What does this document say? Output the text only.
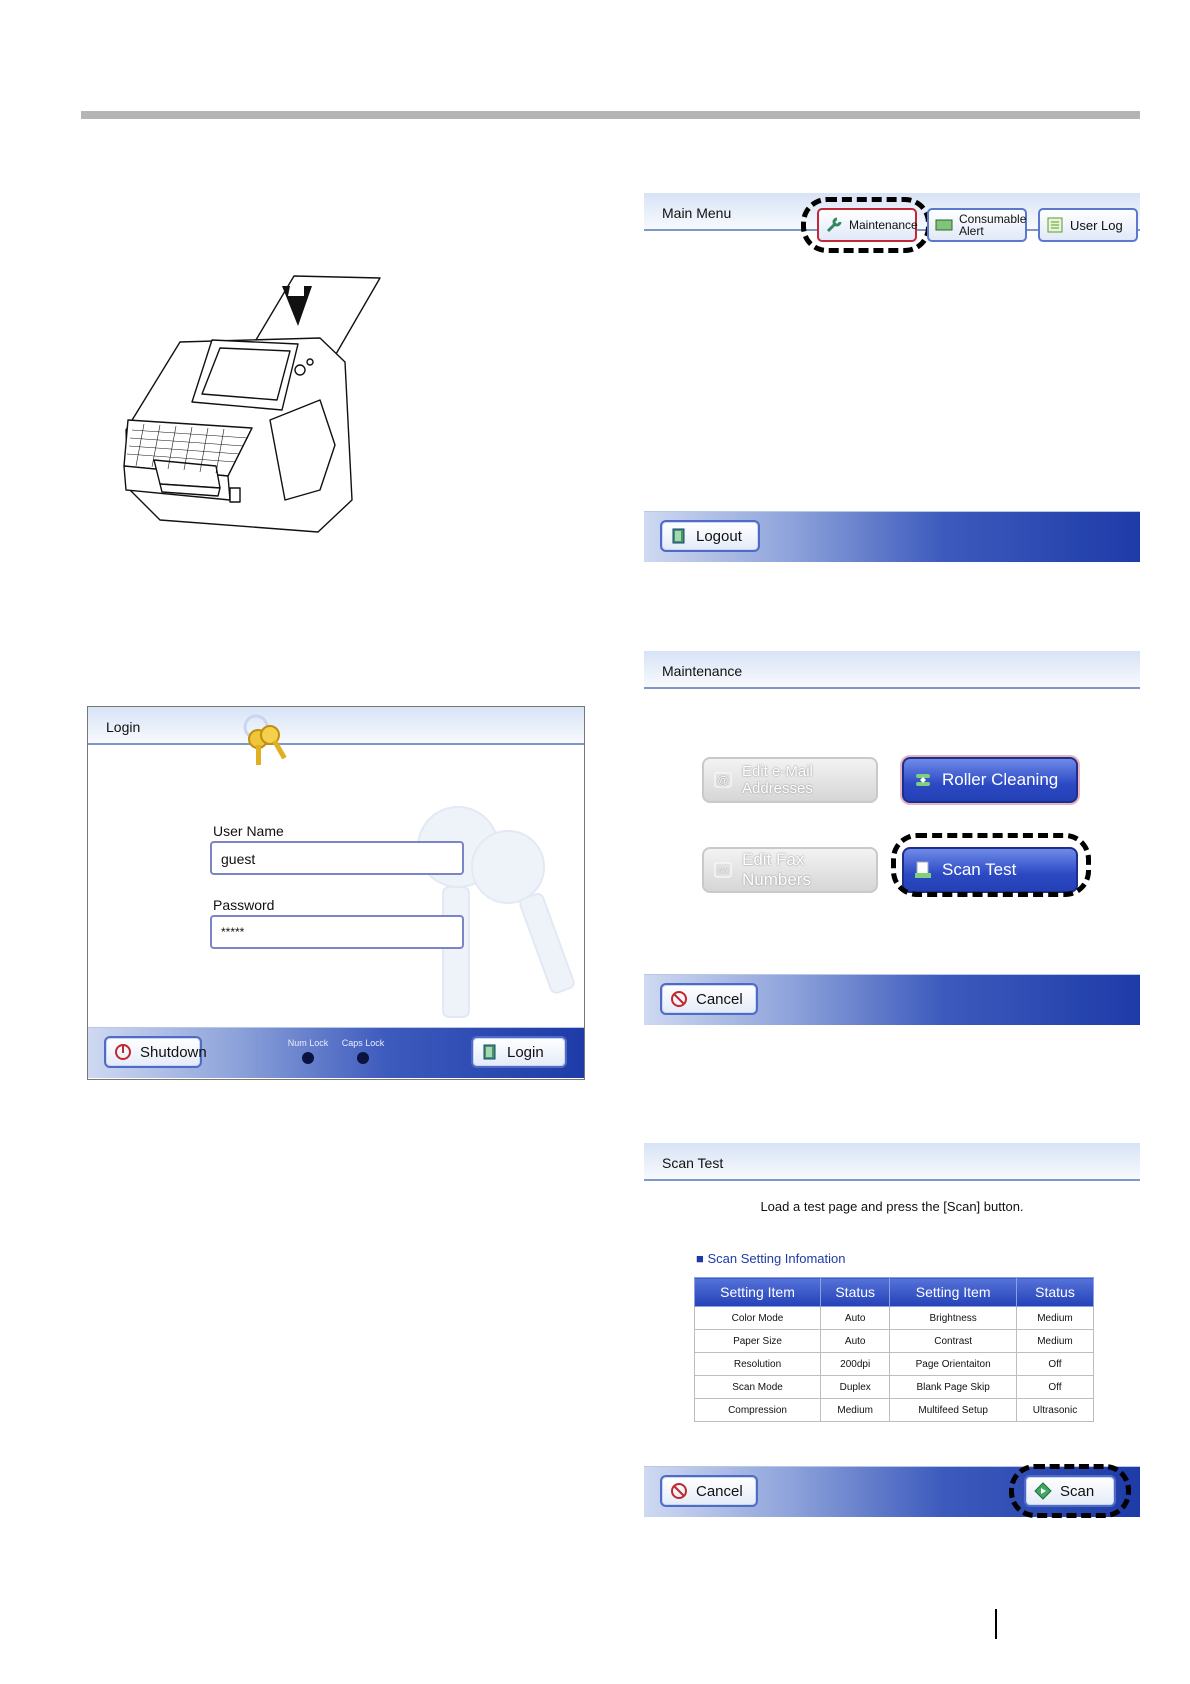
Login
User Name
guest
Password
*****
Shutdown
Num Lock	Caps Lock
Login
Main Menu
Maintenance	Consumable
Alert	User Log
Logout
Maintenance
@
Edit e-Mail Addresses	Roller Cleaning
FAX
Edit Fax Numbers
Scan Test
Cancel
Scan Test
Load a test page and press the [Scan] button.
■ Scan Setting Infomation
Setting Item	Status	Setting Item	Status
Color Mode	Auto	Brightness	Medium
Paper Size	Auto	Contrast	Medium
Resolution	200dpi	Page Orientaiton	Off
Scan Mode	Duplex	Blank Page Skip	Off
Compression	Medium	Multifeed Setup	Ultrasonic
Cancel	Scan
